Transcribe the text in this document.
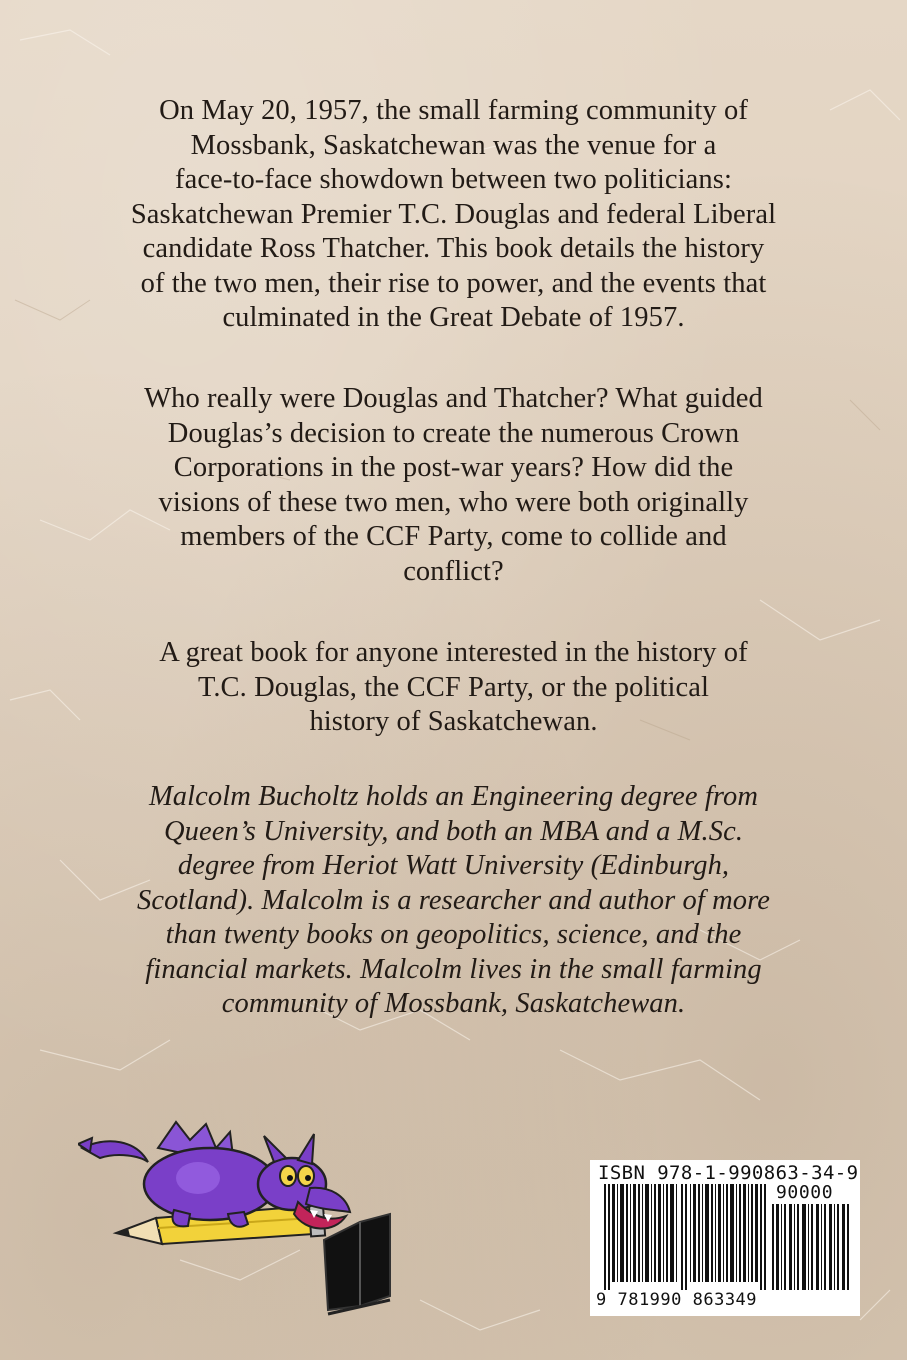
On May 20, 1957, the small farming community of
Mossbank, Saskatchewan was the venue for a
face-to-face showdown between two politicians:
Saskatchewan Premier T.C. Douglas and federal Liberal
candidate Ross Thatcher. This book details the history
of the two men, their rise to power, and the events that
culminated in the Great Debate of 1957.

Who really were Douglas and Thatcher? What guided
Douglas’s decision to create the numerous Crown
Corporations in the post-war years? How did the
visions of these two men, who were both originally
members of the CCF Party, come to collide and
conflict?

A great book for anyone interested in the history of
T.C. Douglas, the CCF Party, or the political
history of Saskatchewan.

Malcolm Bucholtz holds an Engineering degree from
Queen’s University, and both an MBA and a M.Sc.
degree from Heriot Watt University (Edinburgh,
Scotland). Malcolm is a researcher and author of more
than twenty books on geopolitics, science, and the
financial markets. Malcolm lives in the small farming
community of Mossbank, Saskatchewan.

ISBN 978-1-990863-34-9
90000
9 781990 863349
